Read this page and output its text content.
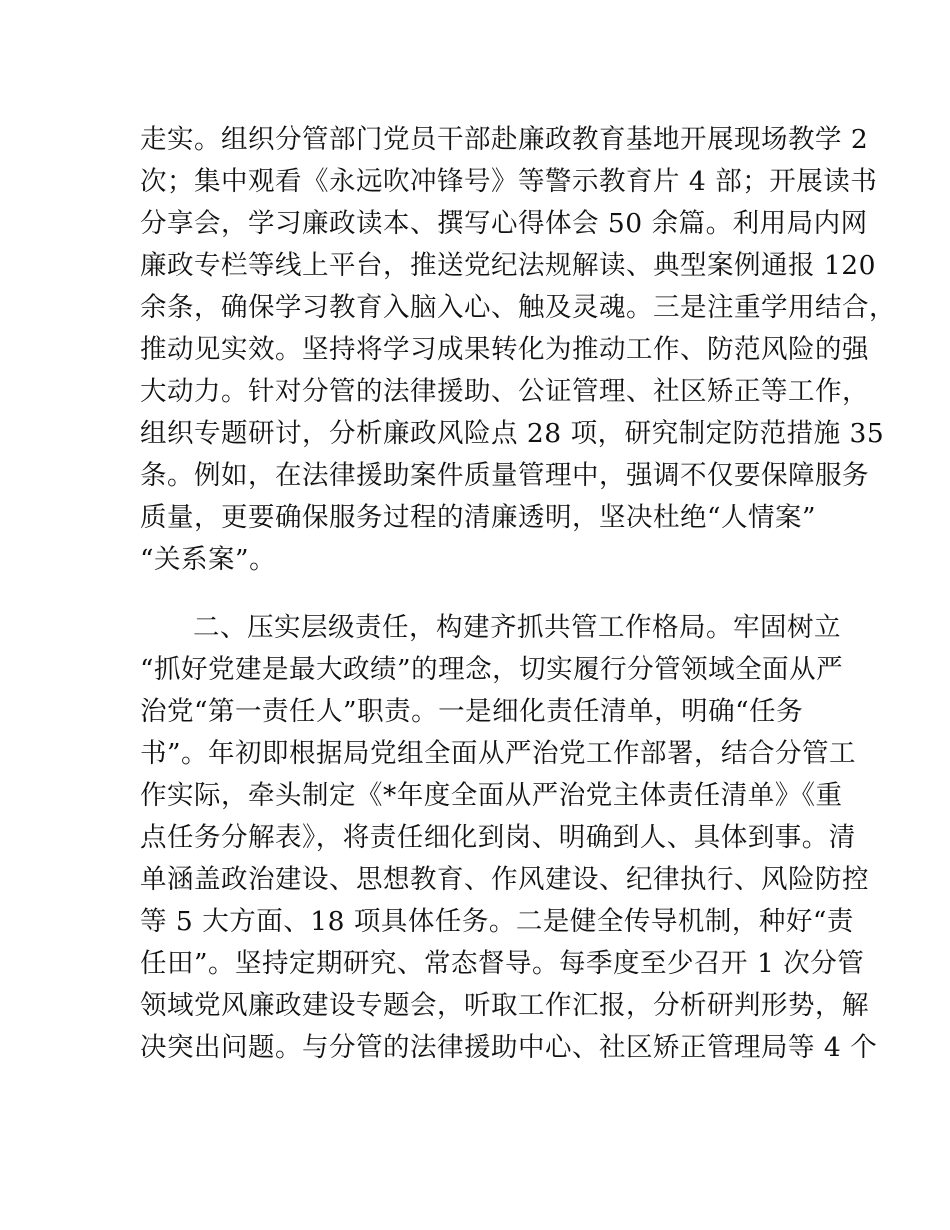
走实。组织分管部门党员干部赴廉政教育基地开展现场教学 2
次；集中观看《永远吹冲锋号》等警示教育片 4 部；开展读书
分享会，学习廉政读本、撰写心得体会 50 余篇。利用局内网
廉政专栏等线上平台，推送党纪法规解读、典型案例通报 120
余条，确保学习教育入脑入心、触及灵魂。三是注重学用结合，
推动见实效。坚持将学习成果转化为推动工作、防范风险的强
大动力。针对分管的法律援助、公证管理、社区矫正等工作，
组织专题研讨，分析廉政风险点 28 项，研究制定防范措施 35
条。例如，在法律援助案件质量管理中，强调不仅要保障服务
质量，更要确保服务过程的清廉透明，坚决杜绝“人情案”
“关系案”。
二、压实层级责任，构建齐抓共管工作格局。牢固树立
“抓好党建是最大政绩”的理念，切实履行分管领域全面从严
治党“第一责任人”职责。一是细化责任清单，明确“任务
书”。年初即根据局党组全面从严治党工作部署，结合分管工
作实际，牵头制定《*年度全面从严治党主体责任清单》《重
点任务分解表》，将责任细化到岗、明确到人、具体到事。清
单涵盖政治建设、思想教育、作风建设、纪律执行、风险防控
等 5 大方面、18 项具体任务。二是健全传导机制，种好“责
任田”。坚持定期研究、常态督导。每季度至少召开 1 次分管
领域党风廉政建设专题会，听取工作汇报，分析研判形势，解
决突出问题。与分管的法律援助中心、社区矫正管理局等 4 个
